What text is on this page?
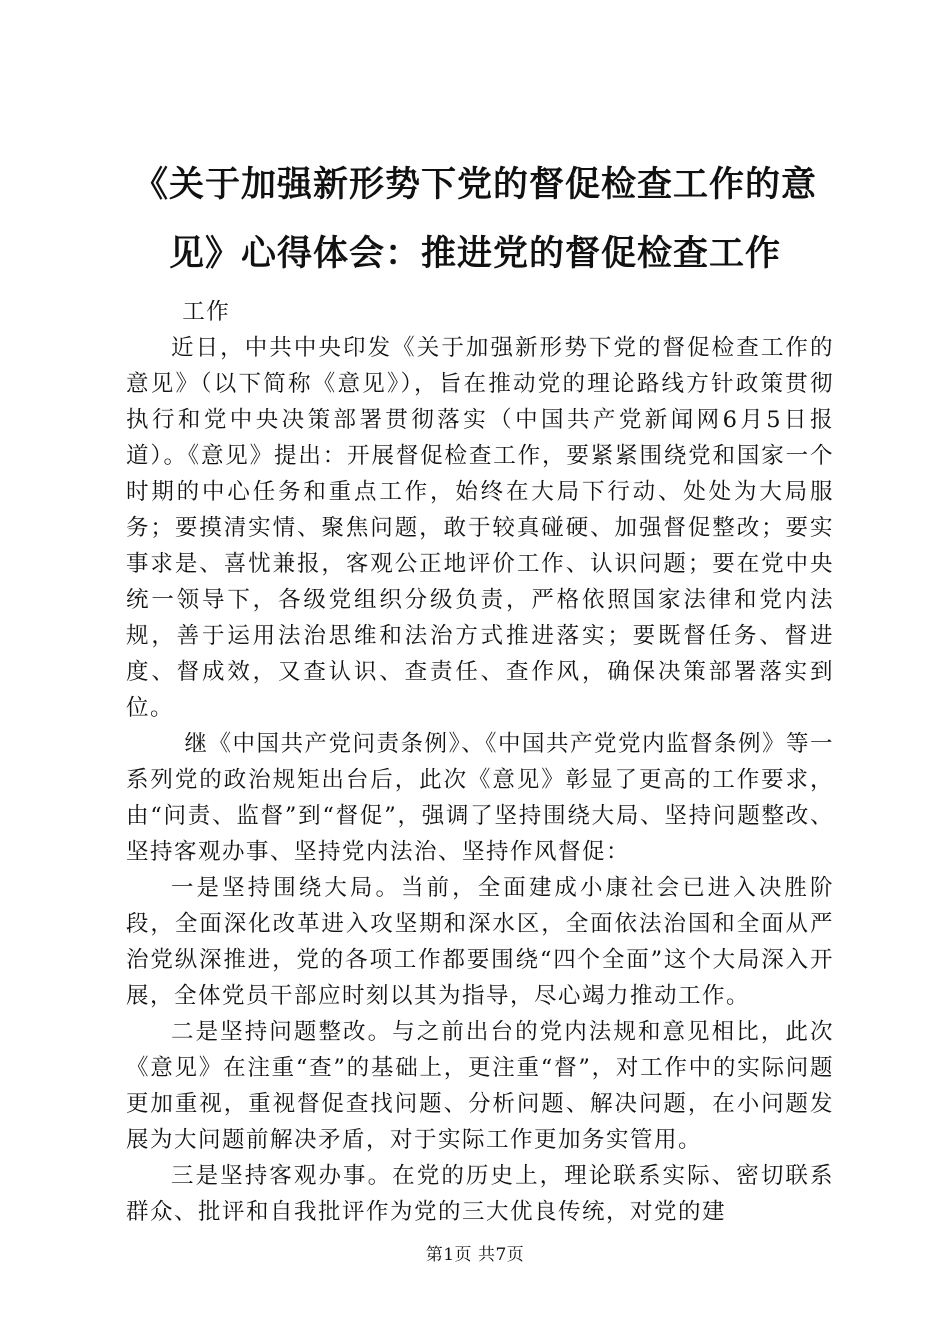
《关于加强新形势下党的督促检查工作的意
见》心得体会：推进党的督促检查工作

工作

近日，中共中央印发《关于加强新形势下党的督促检查工作的意见》（以下简称《意见》），旨在推动党的理论路线方针政策贯彻执行和党中央决策部署贯彻落实（中国共产党新闻网6月5日报道）。《意见》提出：开展督促检查工作，要紧紧围绕党和国家一个时期的中心任务和重点工作，始终在大局下行动、处处为大局服务；要摸清实情、聚焦问题，敢于较真碰硬、加强督促整改；要实事求是、喜忧兼报，客观公正地评价工作、认识问题；要在党中央统一领导下，各级党组织分级负责，严格依照国家法律和党内法规，善于运用法治思维和法治方式推进落实；要既督任务、督进度、督成效，又查认识、查责任、查作风，确保决策部署落实到位。

继《中国共产党问责条例》、《中国共产党党内监督条例》等一系列党的政治规矩出台后，此次《意见》彰显了更高的工作要求，由“问责、监督”到“督促”，强调了坚持围绕大局、坚持问题整改、坚持客观办事、坚持党内法治、坚持作风督促：

一是坚持围绕大局。当前，全面建成小康社会已进入决胜阶段，全面深化改革进入攻坚期和深水区，全面依法治国和全面从严治党纵深推进，党的各项工作都要围绕“四个全面”这个大局深入开展，全体党员干部应时刻以其为指导，尽心竭力推动工作。

二是坚持问题整改。与之前出台的党内法规和意见相比，此次《意见》在注重“查”的基础上，更注重“督”，对工作中的实际问题更加重视，重视督促查找问题、分析问题、解决问题，在小问题发展为大问题前解决矛盾，对于实际工作更加务实管用。

三是坚持客观办事。在党的历史上，理论联系实际、密切联系群众、批评和自我批评作为党的三大优良传统，对党的建

第1页 共7页
